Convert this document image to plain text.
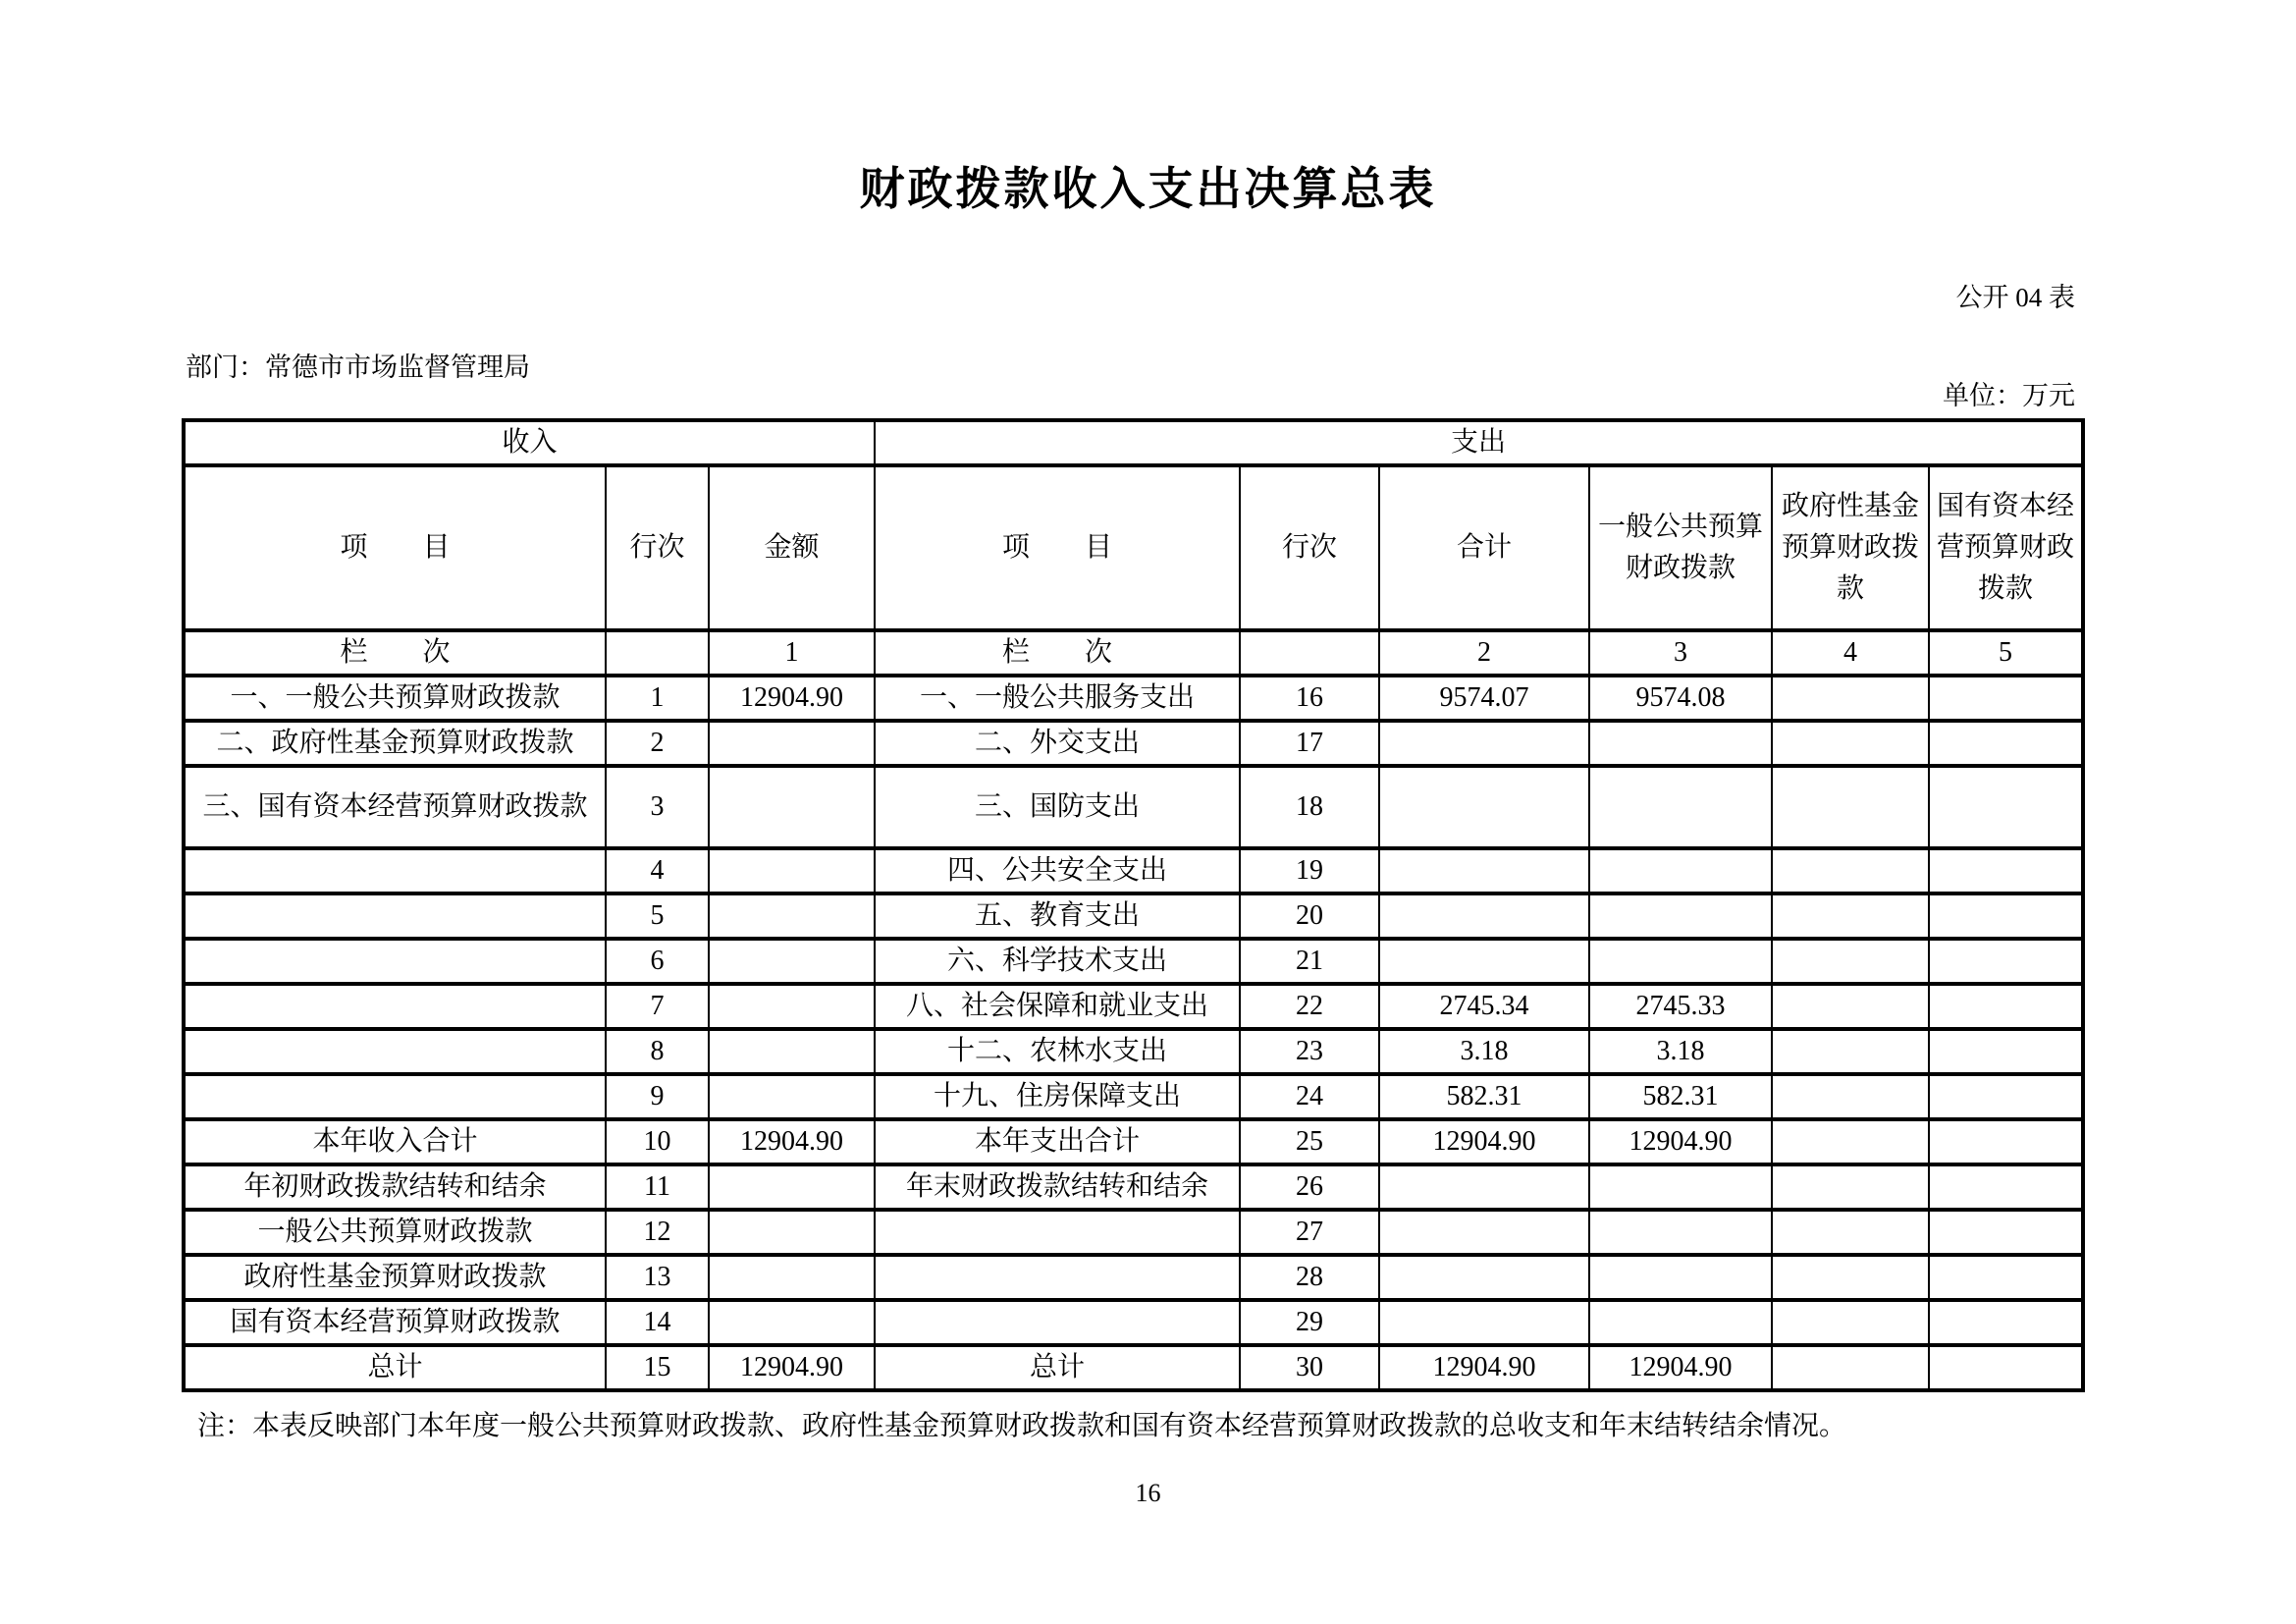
财政拨款收入支出决算总表
公开 04 表
部门：常德市市场监督管理局
单位：万元
收入			支出					
项　　目	行次	金额	项　　目	行次	合计	一般公共预算财政拨款	政府性基金预算财政拨款	国有资本经营预算财政拨款
栏　　次		1	栏　　次		2	3	4	5
一、一般公共预算财政拨款	1	12904.90	一、一般公共服务支出	16	9574.07	9574.08		
二、政府性基金预算财政拨款	2		二、外交支出	17				
三、国有资本经营预算财政拨款	3		三、国防支出	18				
	4		四、公共安全支出	19				
	5		五、教育支出	20				
	6		六、科学技术支出	21				
	7		八、社会保障和就业支出	22	2745.34	2745.33		
	8		十二、农林水支出	23	3.18	3.18		
	9		十九、住房保障支出	24	582.31	582.31		
本年收入合计	10	12904.90	本年支出合计	25	12904.90	12904.90		
年初财政拨款结转和结余	11		年末财政拨款结转和结余	26				
一般公共预算财政拨款	12			27				
政府性基金预算财政拨款	13			28				
国有资本经营预算财政拨款	14			29				
总计	15	12904.90	总计	30	12904.90	12904.90		
注：本表反映部门本年度一般公共预算财政拨款、政府性基金预算财政拨款和国有资本经营预算财政拨款的总收支和年末结转结余情况。
16
